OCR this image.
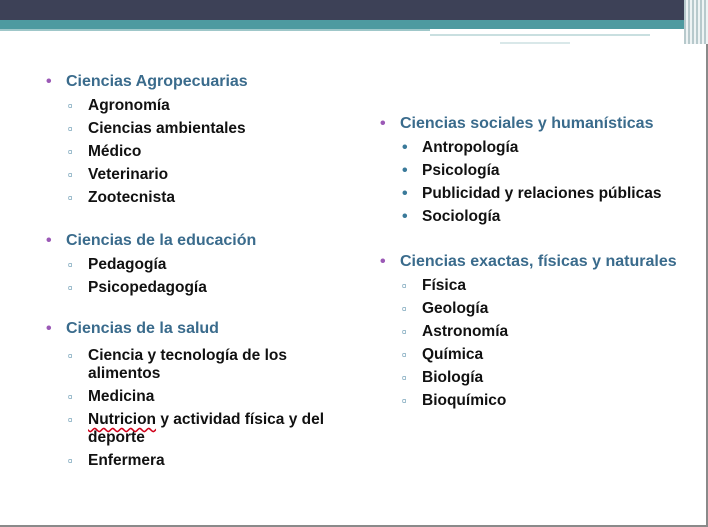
• Ciencias Agropecuarias
▫ Agronomía
▫ Ciencias ambientales
▫ Médico
▫ Veterinario
▫ Zootecnista
• Ciencias de la educación
▫ Pedagogía
▫ Psicopedagogía
• Ciencias de la salud
▫ Ciencia y tecnología de los alimentos
▫ Medicina
▫ Nutricion y actividad física y del deporte
▫ Enfermera
• Ciencias sociales y humanísticas
• Antropología
• Psicología
• Publicidad y relaciones públicas
• Sociología
• Ciencias exactas, físicas y naturales
▫ Física
▫ Geología
▫ Astronomía
▫ Química
▫ Biología
▫ Bioquímico
